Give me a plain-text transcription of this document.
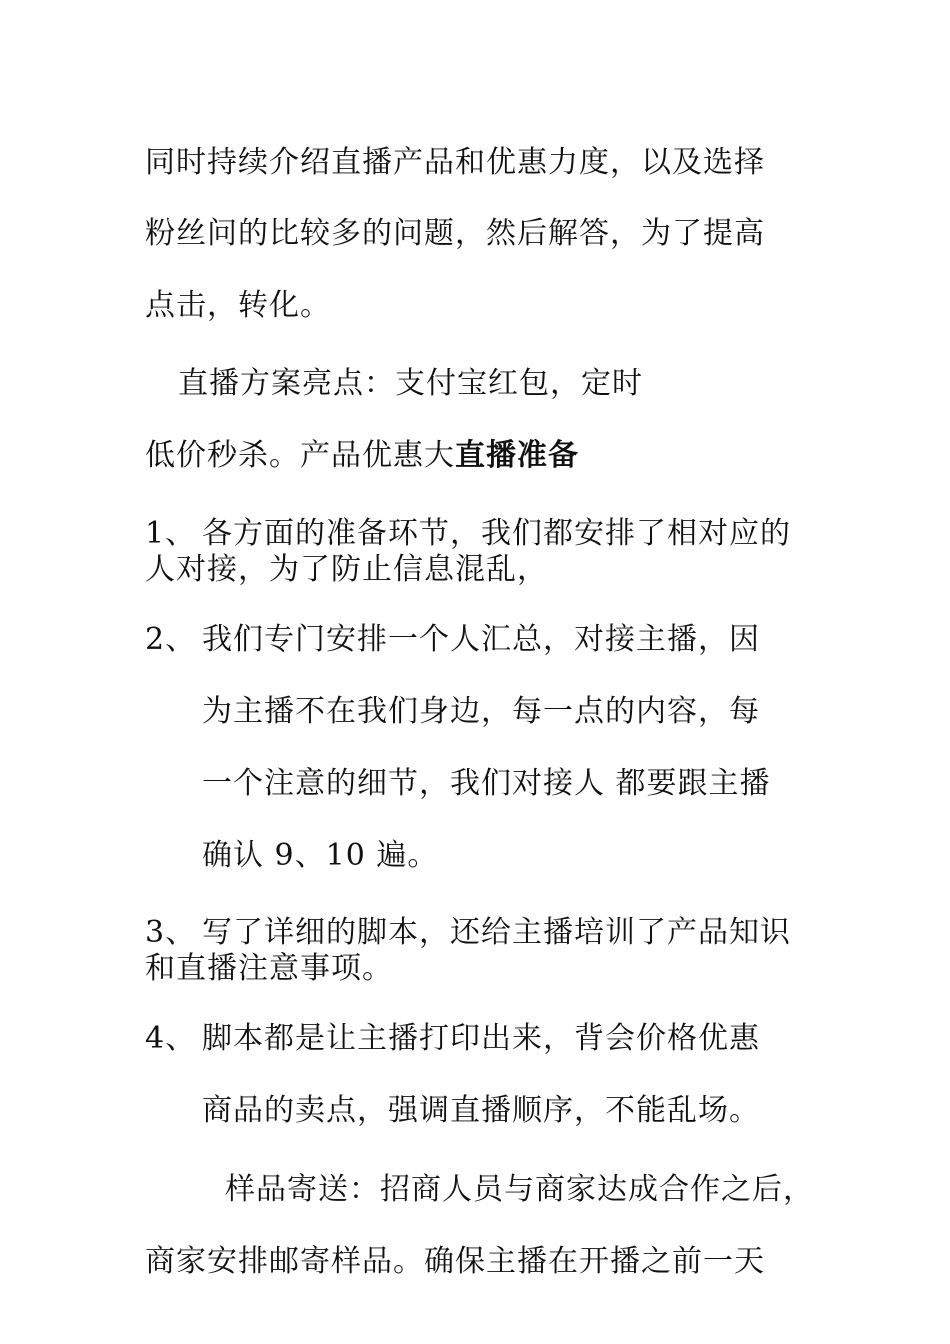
同时持续介绍直播产品和优惠力度，以及选择
粉丝问的比较多的问题，然后解答，为了提高
点击，转化。
直播方案亮点：支付宝红包，定时
低价秒杀。产品优惠大直播准备
1、 各方面的准备环节，我们都安排了相对应的
人对接，为了防止信息混乱，
2、 我们专门安排一个人汇总，对接主播，因
为主播不在我们身边，每一点的内容，每
一个注意的细节，我们对接人 都要跟主播
确认 9、10 遍。
3、 写了详细的脚本，还给主播培训了产品知识
和直播注意事项。
4、 脚本都是让主播打印出来，背会价格优惠
商品的卖点，强调直播顺序，不能乱场。
样品寄送：招商人员与商家达成合作之后，
商家安排邮寄样品。确保主播在开播之前一天
